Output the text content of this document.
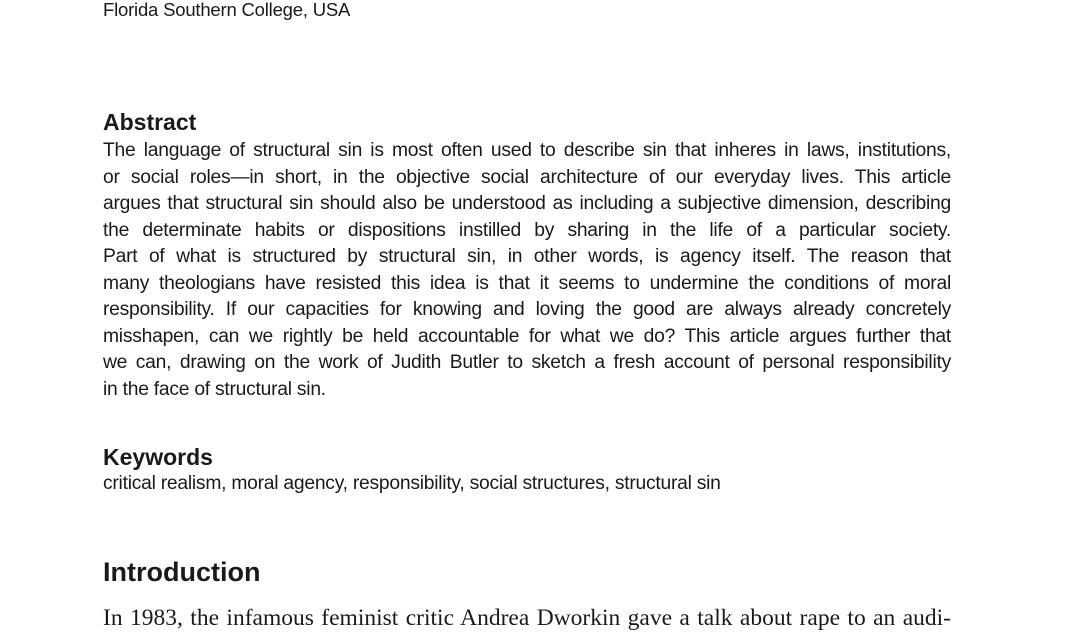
Florida Southern College, USA
Abstract
The language of structural sin is most often used to describe sin that inheres in laws, institutions,
or social roles—in short, in the objective social architecture of our everyday lives. This article
argues that structural sin should also be understood as including a subjective dimension, describing
the determinate habits or dispositions instilled by sharing in the life of a particular society.
Part of what is structured by structural sin, in other words, is agency itself. The reason that
many theologians have resisted this idea is that it seems to undermine the conditions of moral
responsibility. If our capacities for knowing and loving the good are always already concretely
misshapen, can we rightly be held accountable for what we do? This article argues further that
we can, drawing on the work of Judith Butler to sketch a fresh account of personal responsibility
in the face of structural sin.
Keywords
critical realism, moral agency, responsibility, social structures, structural sin
Introduction
In 1983, the infamous feminist critic Andrea Dworkin gave a talk about rape to an audi-
